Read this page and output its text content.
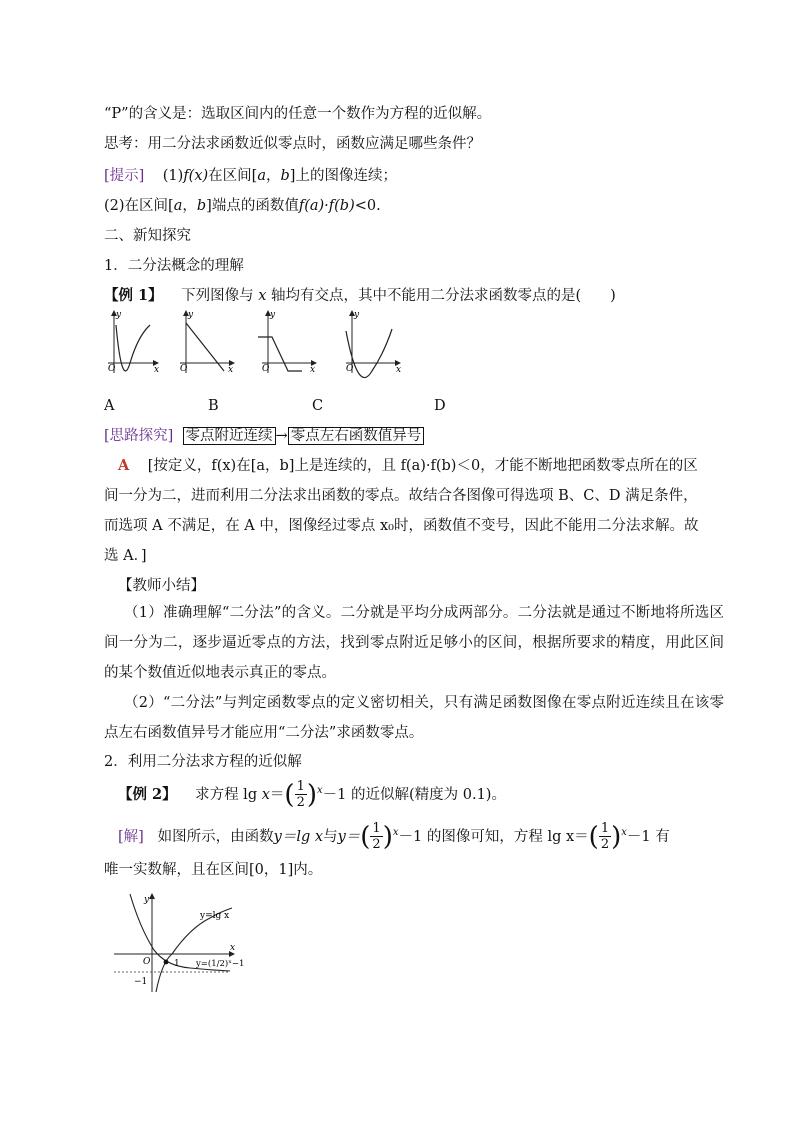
“P”的含义是：选取区间内的任意一个数作为方程的近似解。
思考：用二分法求函数近似零点时，函数应满足哪些条件？
[提示] (1)f(x)在区间[a，b]上的图像连续；
(2)在区间[a，b]端点的函数值f(a)·f(b)<0.
二、新知探究
1．二分法概念的理解
【例 1】 下列图像与 x 轴均有交点，其中不能用二分法求函数零点的是(　　)
O
y
x O
y
x	O
y
x	O
y
x
A	B	C	D
[思路探究] 零点附近连续 → 零点左右函数值异号
A [按定义，f(x)在[a，b]上是连续的，且 f(a)·f(b)＜0，才能不断地把函数零点所在的区
间一分为二，进而利用二分法求出函数的零点。故结合各图像可得选项 B、C、D 满足条件，
而选项 A 不满足，在 A 中，图像经过零点 x₀时，函数值不变号，因此不能用二分法求解。故
选 A．]
【教师小结】
（1）准确理解“二分法”的含义。二分就是平均分成两部分。二分法就是通过不断地将所选区间一分为二，逐步逼近零点的方法，找到零点附近足够小的区间，根据所要求的精度，用此区间的某个数值近似地表示真正的零点。
（2）“二分法”与判定函数零点的定义密切相关，只有满足函数图像在零点附近连续且在该零点左右函数值异号才能应用“二分法”求函数零点。
2．利用二分法求方程的近似解
【例 2】 求方程 $\lg x=( \frac{1}{2} )^x-1$ 的近似解(精度为 0.1)。
[解] 如图所示，由函数y＝lg x与$y=( \frac{1}{2} )^x-1$ 的图像可知，方程 $\lg x=( \frac{1}{2} )^x-1$ 有
唯一实数解，且在区间[0，1]内。
y
x
O	1
−1
y=lg x
y=(1/2)ˣ−1
